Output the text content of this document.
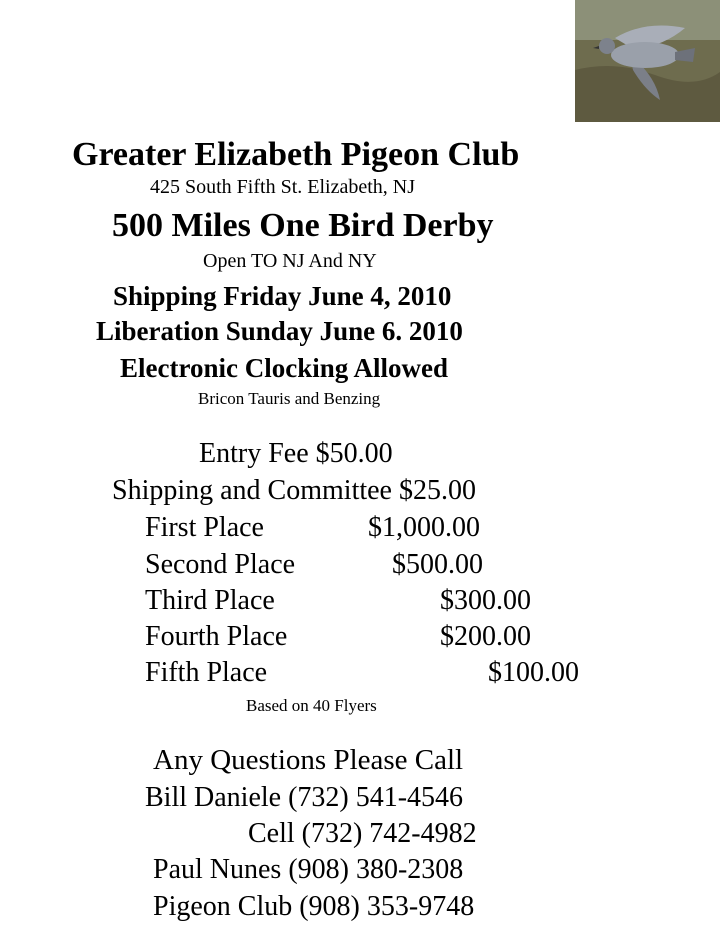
Greater Elizabeth Pigeon Club
425 South Fifth St. Elizabeth, NJ
500 Miles One Bird Derby
Open TO NJ And NY
Shipping Friday June 4, 2010
Liberation Sunday June 6. 2010
Electronic Clocking Allowed
Bricon Tauris and Benzing
Entry Fee $50.00
Shipping and Committee $25.00
First Place	$1,000.00
Second Place	$500.00
Third Place	$300.00
Fourth Place	$200.00
Fifth Place	$100.00
Based on 40 Flyers
Any Questions Please Call
Bill Daniele (732) 541-4546
Cell (732) 742-4982
Paul Nunes (908) 380-2308
Pigeon Club (908) 353-9748
